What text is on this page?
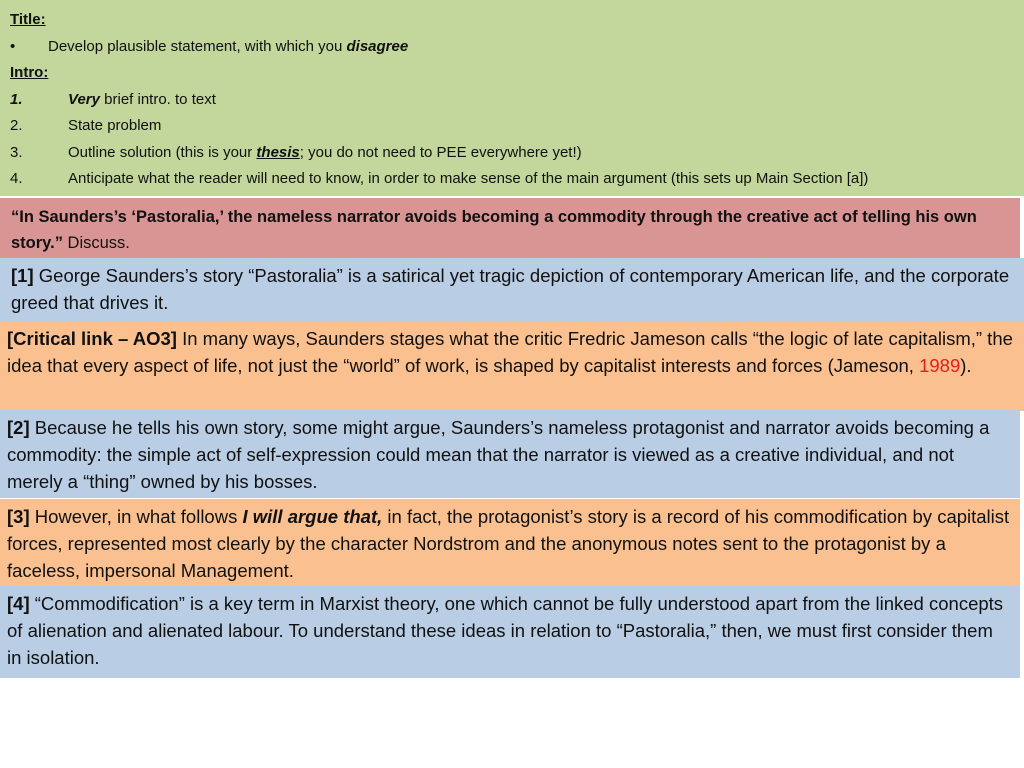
Title:
• Develop plausible statement, with which you disagree
Intro:
1.	Very brief intro. to text
2.	State problem
3.	Outline solution (this is your thesis; you do not need to PEE everywhere yet!)
4.	Anticipate what the reader will need to know, in order to make sense of the main argument (this sets up Main Section [a])
“In Saunders’s ‘Pastoralia,’ the nameless narrator avoids becoming a commodity through the creative act of telling his own story.” Discuss.
[1] George Saunders’s story “Pastoralia” is a satirical yet tragic depiction of contemporary American life, and the corporate greed that drives it.
[Critical link – AO3] In many ways, Saunders stages what the critic Fredric Jameson calls “the logic of late capitalism,” the idea that every aspect of life, not just the “world” of work, is shaped by capitalist interests and forces (Jameson, 1989).
[2] Because he tells his own story, some might argue, Saunders’s nameless protagonist and narrator avoids becoming a commodity: the simple act of self-expression could mean that the narrator is viewed as a creative individual, and not merely a “thing” owned by his bosses.
[3] However, in what follows I will argue that, in fact, the protagonist’s story is a record of his commodification by capitalist forces, represented most clearly by the character Nordstrom and the anonymous notes sent to the protagonist by a faceless, impersonal Management.
[4] “Commodification” is a key term in Marxist theory, one which cannot be fully understood apart from the linked concepts of alienation and alienated labour. To understand these ideas in relation to “Pastoralia,” then, we must first consider them in isolation.
